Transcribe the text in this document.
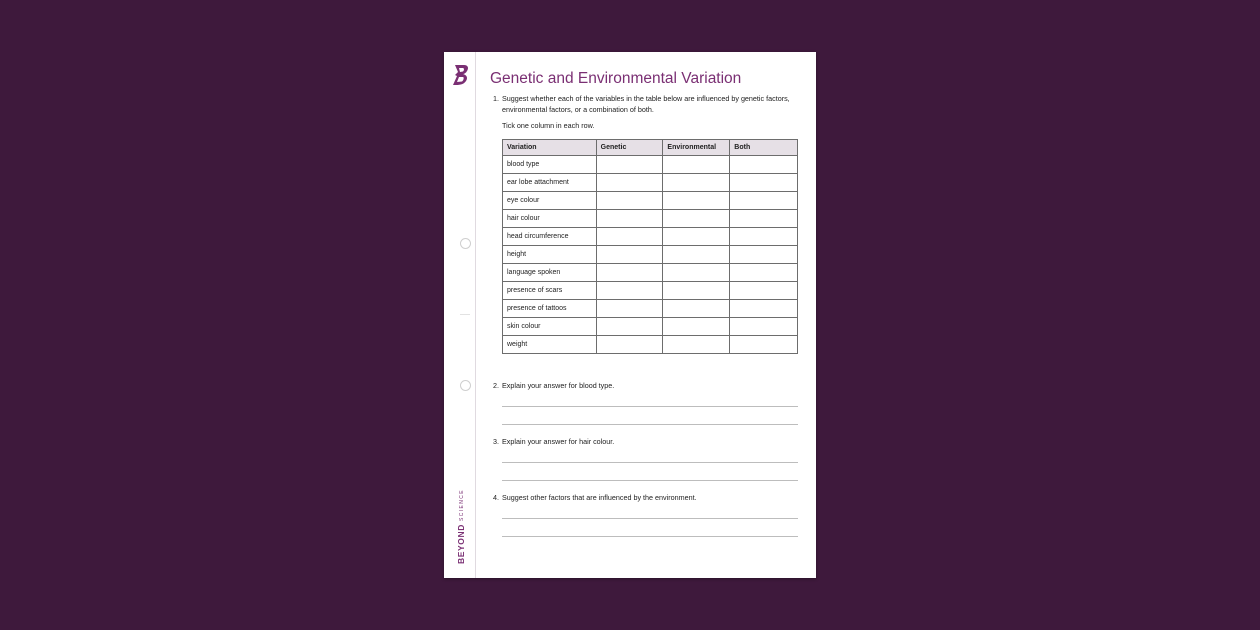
BEYONDSCIENCE
Genetic and Environmental Variation
1. Suggest whether each of the variables in the table below are influenced by genetic factors, environmental factors, or a combination of both.
Tick one column in each row.
Variation	Genetic	Environmental	Both
blood type			
ear lobe attachment			
eye colour			
hair colour			
head circumference			
height			
language spoken			
presence of scars			
presence of tattoos			
skin colour			
weight			
2. Explain your answer for blood type.
3. Explain your answer for hair colour.
4. Suggest other factors that are influenced by the environment.
